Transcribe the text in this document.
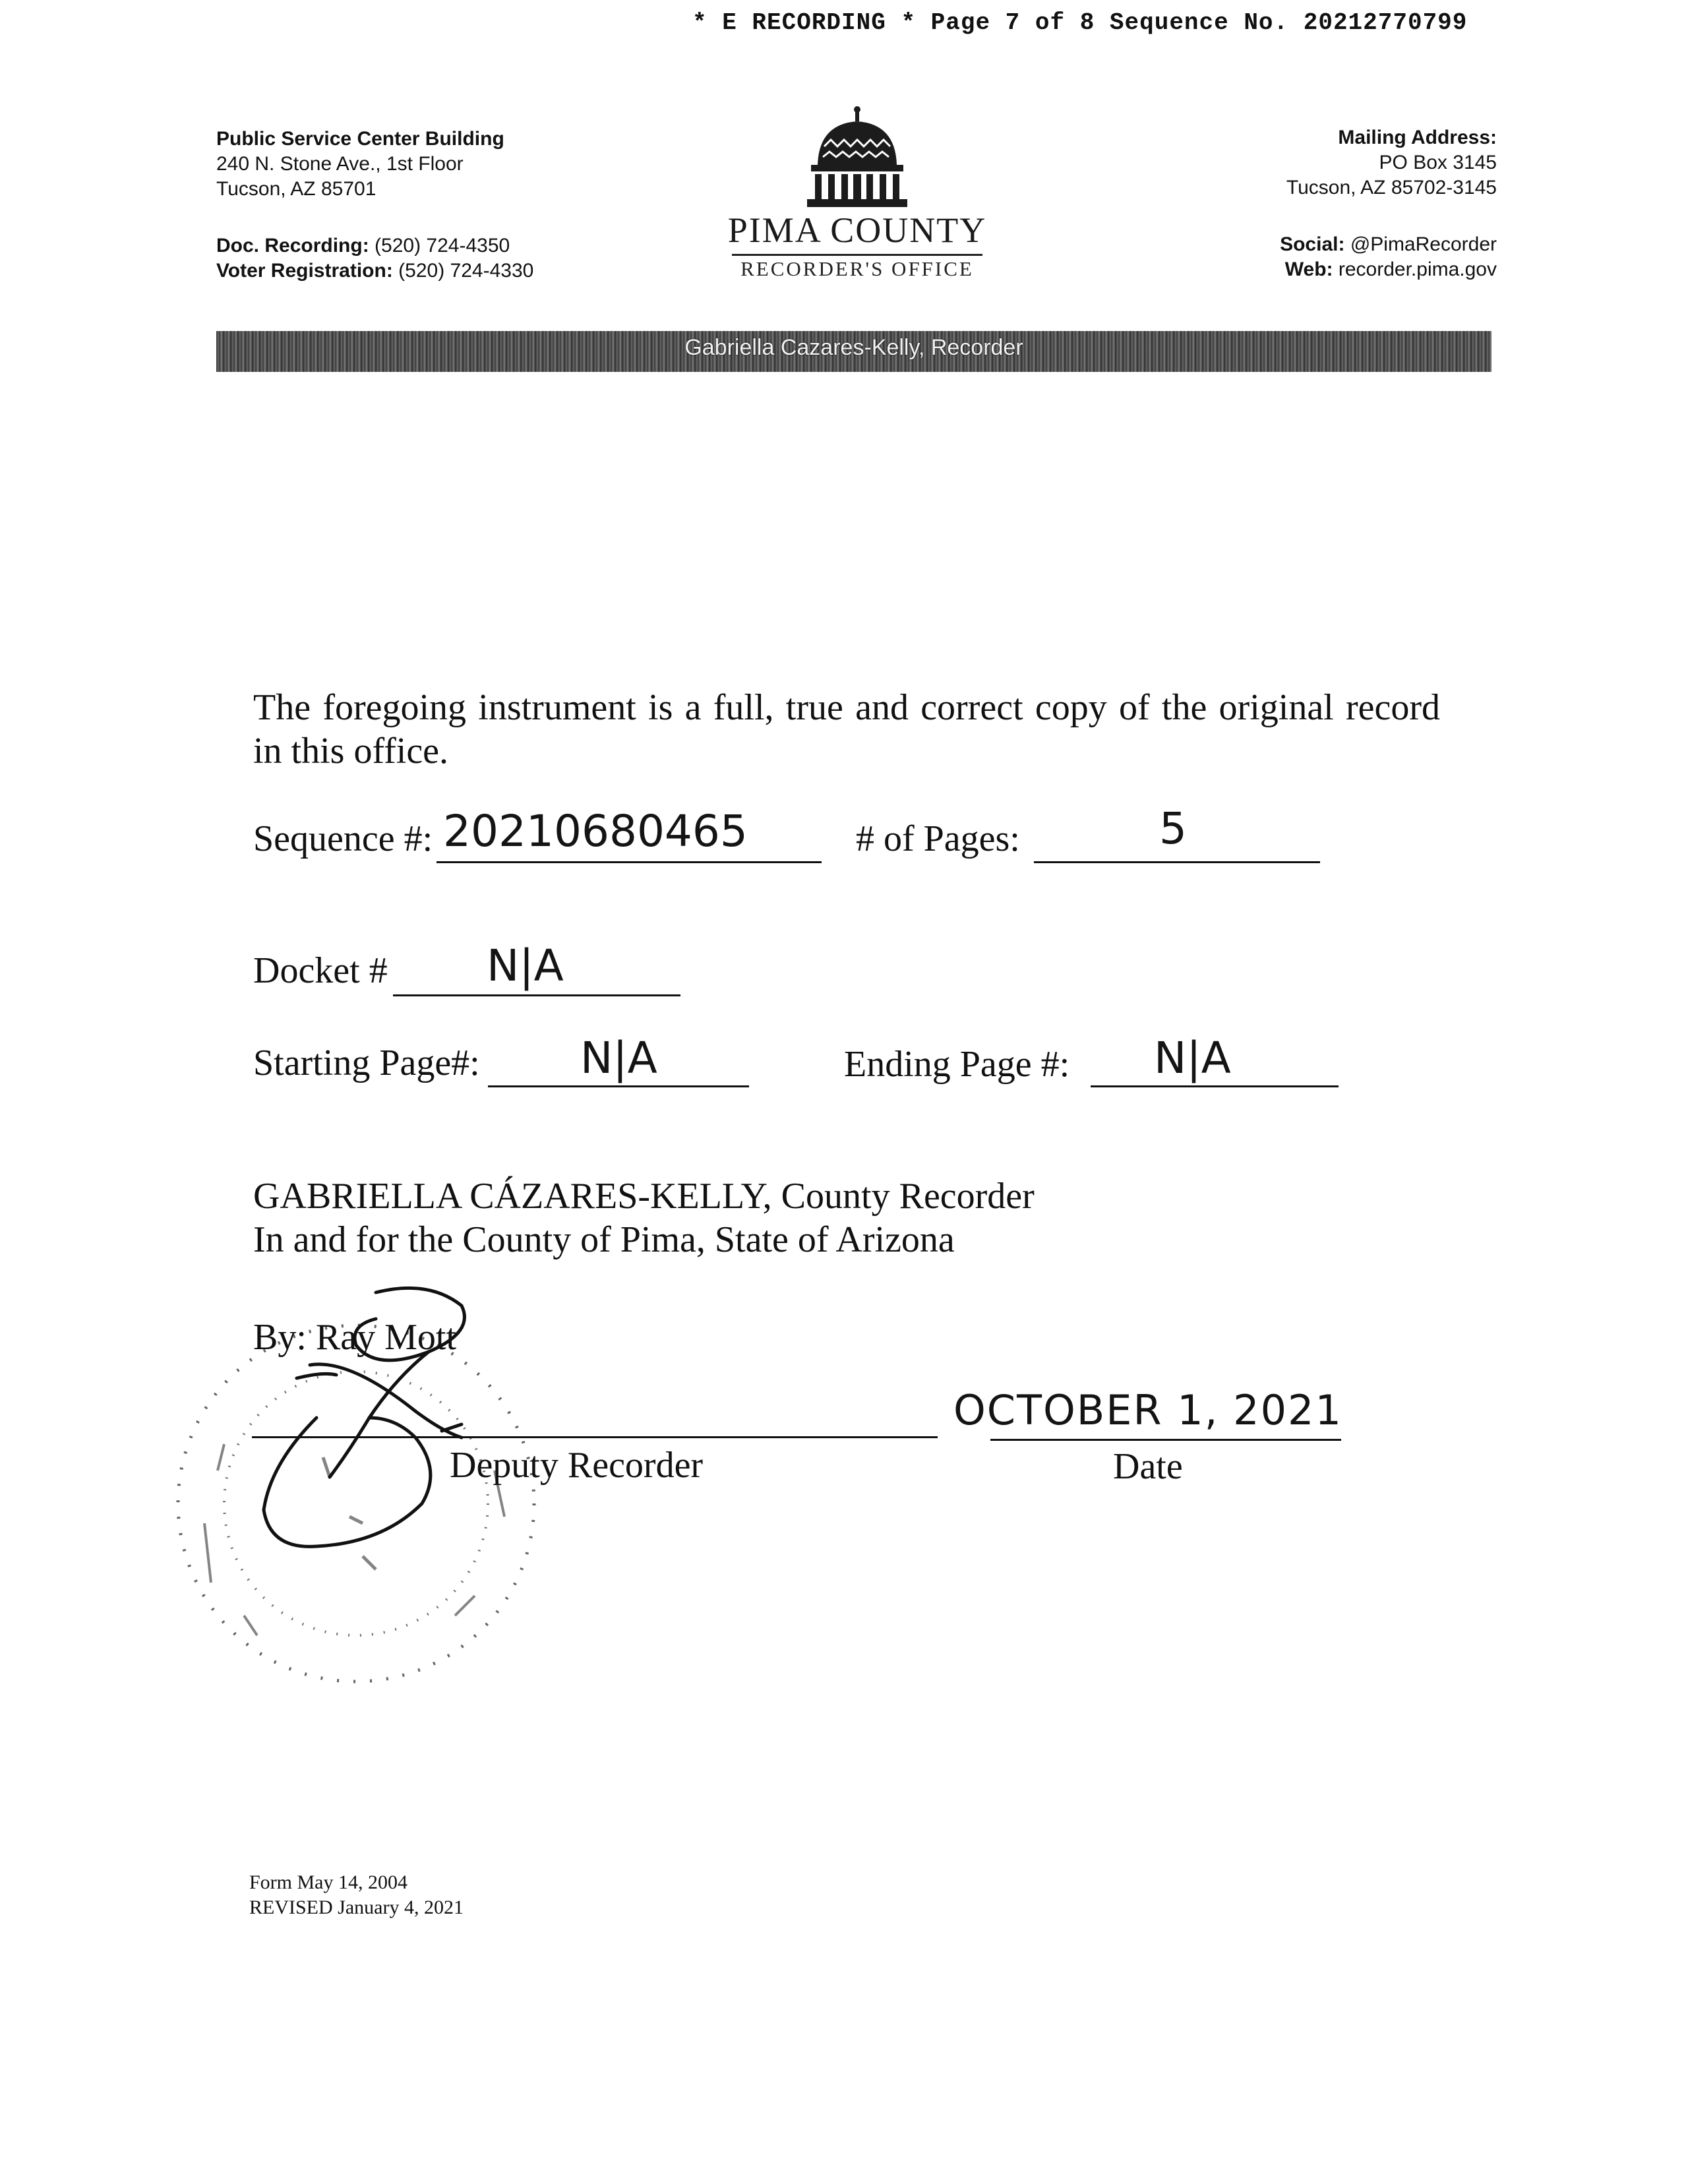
* E RECORDING * Page 7 of 8 Sequence No. 20212770799
Public Service Center Building
240 N. Stone Ave., 1st Floor
Tucson, AZ 85701
Doc. Recording: (520) 724-4350
Voter Registration: (520) 724-4330
PIMA COUNTY
RECORDER'S OFFICE
Mailing Address:
PO Box 3145
Tucson, AZ 85702-3145
Social: @PimaRecorder
Web: recorder.pima.gov
Gabriella Cazares-Kelly, Recorder
The foregoing instrument is a full, true and correct copy of the original record in this office.
Sequence #: 20210680465	# of Pages:	5
Docket # N|A
Starting Page#: N|A	Ending Page #: N|A
GABRIELLA CÁZARES-KELLY, County Recorder
In and for the County of Pima, State of Arizona
By: Ray Mott
Deputy Recorder
OCTOBER 1, 2021
Date
Form May 14, 2004
REVISED January 4, 2021
